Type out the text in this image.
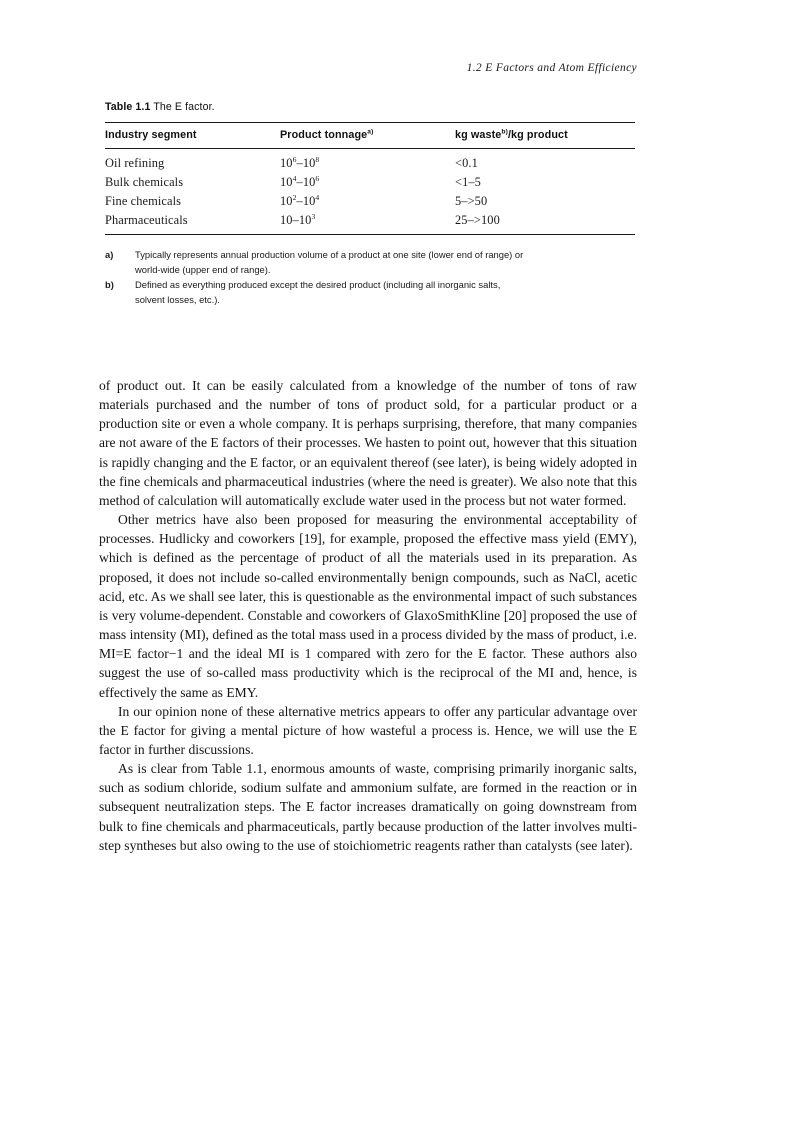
1.2 E Factors and Atom Efficiency
Table 1.1 The E factor.
Industry segment	Product tonnage$^{a)}$	kg waste$^{b)}$/kg product
Oil refining	$10^6-10^8$	<0.1
Bulk chemicals	$10^4-10^6$	<1–5
Fine chemicals	$10^2-10^4$	5–>50
Pharmaceuticals	$10-10^3$	25–>100
a) Typically represents annual production volume of a product at one site (lower end of range) or world-wide (upper end of range).
b) Defined as everything produced except the desired product (including all inorganic salts, solvent losses, etc.).

of product out. It can be easily calculated from a knowledge of the number of tons of raw materials purchased and the number of tons of product sold, for a particular product or a production site or even a whole company. It is perhaps surprising, therefore, that many companies are not aware of the E factors of their processes. We hasten to point out, however that this situation is rapidly changing and the E factor, or an equivalent thereof (see later), is being widely adopted in the fine chemicals and pharmaceutical industries (where the need is greater). We also note that this method of calculation will automatically exclude water used in the process but not water formed.

Other metrics have also been proposed for measuring the environmental acceptability of processes. Hudlicky and coworkers [19], for example, proposed the effective mass yield (EMY), which is defined as the percentage of product of all the materials used in its preparation. As proposed, it does not include so-called environmentally benign compounds, such as NaCl, acetic acid, etc. As we shall see later, this is questionable as the environmental impact of such substances is very volume-dependent. Constable and coworkers of GlaxoSmithKline [20] proposed the use of mass intensity (MI), defined as the total mass used in a process divided by the mass of product, i.e. MI=E factor−1 and the ideal MI is 1 compared with zero for the E factor. These authors also suggest the use of so-called mass productivity which is the reciprocal of the MI and, hence, is effectively the same as EMY.

In our opinion none of these alternative metrics appears to offer any particular advantage over the E factor for giving a mental picture of how wasteful a process is. Hence, we will use the E factor in further discussions.

As is clear from Table 1.1, enormous amounts of waste, comprising primarily inorganic salts, such as sodium chloride, sodium sulfate and ammonium sulfate, are formed in the reaction or in subsequent neutralization steps. The E factor increases dramatically on going downstream from bulk to fine chemicals and pharmaceuticals, partly because production of the latter involves multi-step syntheses but also owing to the use of stoichiometric reagents rather than catalysts (see later).
